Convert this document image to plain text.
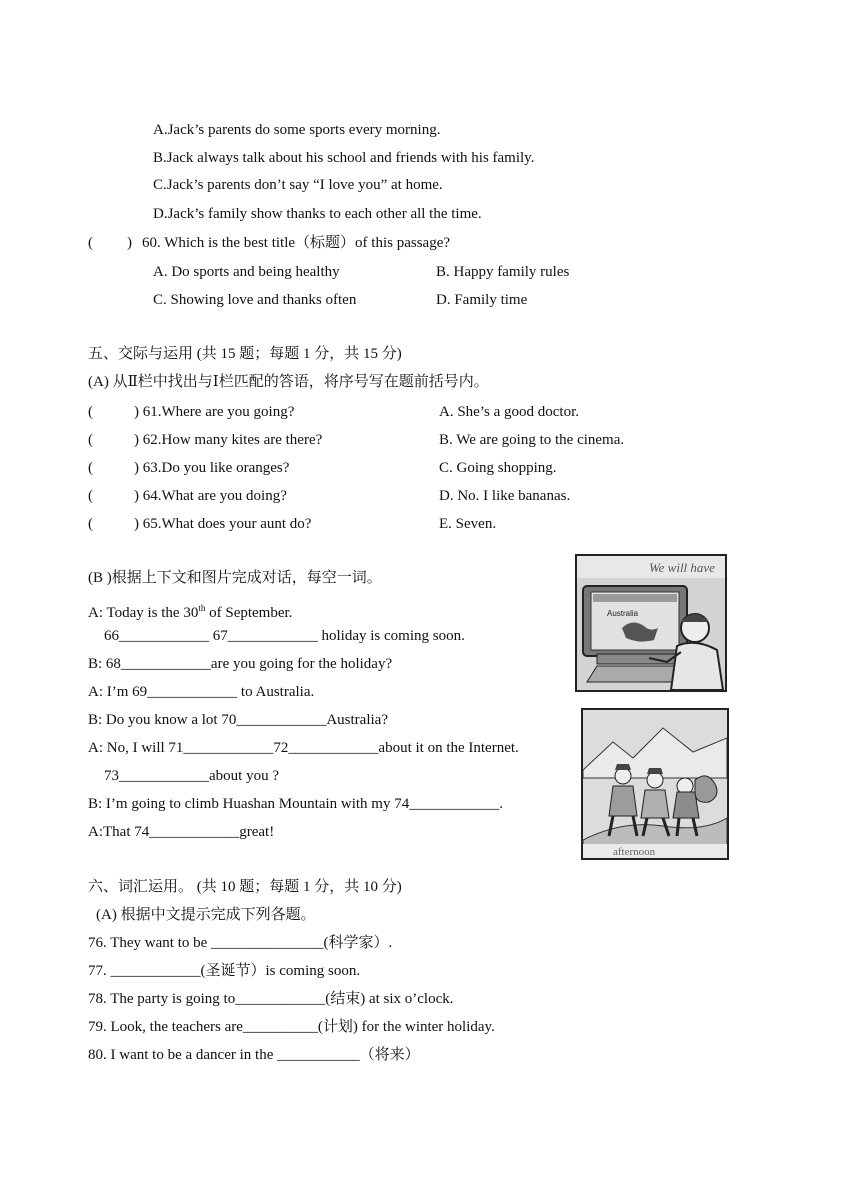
A.Jack’s parents do some sports every morning.
B.Jack always talk about his school and friends with his family.
C.Jack’s parents don’t say “I love you” at home.
D.Jack’s family show thanks to each other all the time.
( ) 60. Which is the best title（标题）of this passage?
A. Do sports and being healthy	B. Happy family rules
C. Showing love and thanks often	D. Family time
五、交际与运用 (共 15 题；每题 1 分，共 15 分)
(A) 从Ⅱ栏中找出与Ⅰ栏匹配的答语，将序号写在题前括号内。
(	) 61.Where are you going?	A. She’s a good doctor.
(	) 62.How many kites are there?	B. We are going to the cinema.
(	) 63.Do you like oranges?	C. Going shopping.
(	) 64.What are you doing?	D. No. I like bananas.
(	) 65.What does your aunt do?	E. Seven.
(B )根据上下文和图片完成对话，每空一词。
A: Today is the 30th of September.
66____________ 67____________ holiday is coming soon.
B: 68____________are you going for the holiday?
A: I’m 69____________ to Australia.
B: Do you know a lot 70____________Australia?
A: No, I will 71____________72____________about it on the Internet.
73____________about you ?
B: I’m going to climb Huashan Mountain with my 74____________.
A:That 74____________great!
We will have
Australia
afternoon
六、词汇运用。 (共 10 题；每题 1 分，共 10 分)
(A) 根据中文提示完成下列各题。
76. They want to be _______________(科学家）.
77. ____________(圣诞节）is coming soon.
78. The party is going to____________(结束) at six o’clock.
79. Look, the teachers are__________(计划) for the winter holiday.
80. I want to be a dancer in the ___________（将来）
